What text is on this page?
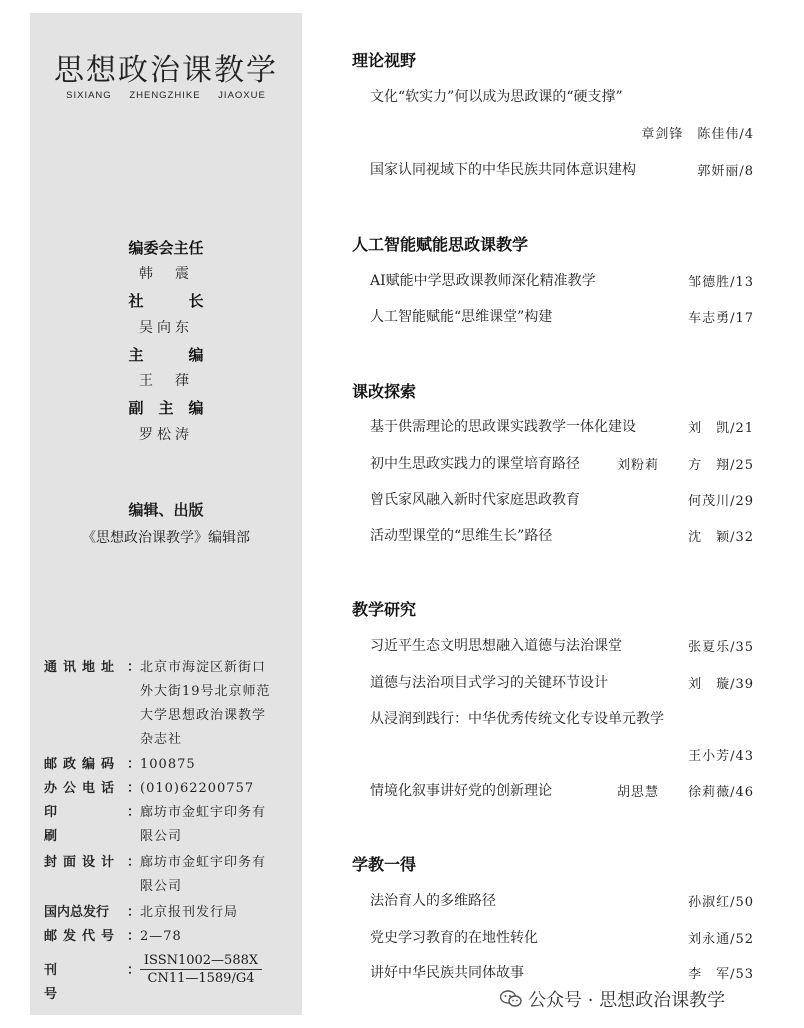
思想政治课教学
SIXIANG ZHENGZHIKE JIAOXUE
编委会主任
韩　震
社　　　长
吴向东
主　　　编
王　葎
副　主　编
罗松涛
编辑、出版
《思想政治课教学》编辑部
通讯地址 ： 北京市海淀区新街口
外大街19号北京师范
大学思想政治课教学
杂志社
邮政编码 ： 100875
办公电话 ： (010)62200757
印刷
： 廊坊市金虹宇印务有
限公司
封面设计 ： 廊坊市金虹宇印务有
限公司
国内总发行 ： 北京报刊发行局
邮发代号 ： 2—78
刊号
：
ISSN1002—588X
CN11—1589/G4
理论视野
文化“软实力”何以成为思政课的“硬支撑”
章剑锋　陈佳伟/4
国家认同视域下的中华民族共同体意识建构	郭妍丽/8
人工智能赋能思政课教学
AI赋能中学思政课教师深化精准教学	邹德胜/13
人工智能赋能“思维课堂”构建	车志勇/17
课改探索
基于供需理论的思政课实践教学一体化建设	刘　凯/21
初中生思政实践力的课堂培育路径	刘粉莉 方　翔/25
曾氏家风融入新时代家庭思政教育	何茂川/29
活动型课堂的“思维生长”路径	沈　颖/32
教学研究
习近平生态文明思想融入道德与法治课堂	张夏乐/35
道德与法治项目式学习的关键环节设计	刘　璇/39
从浸润到践行：中华优秀传统文化专设单元教学
王小芳/43
情境化叙事讲好党的创新理论	胡思慧 徐莉薇/46
学教一得
法治育人的多维路径	孙淑红/50
党史学习教育的在地性转化	刘永通/52
讲好中华民族共同体故事	李　军/53
公众号 · 思想政治课教学
